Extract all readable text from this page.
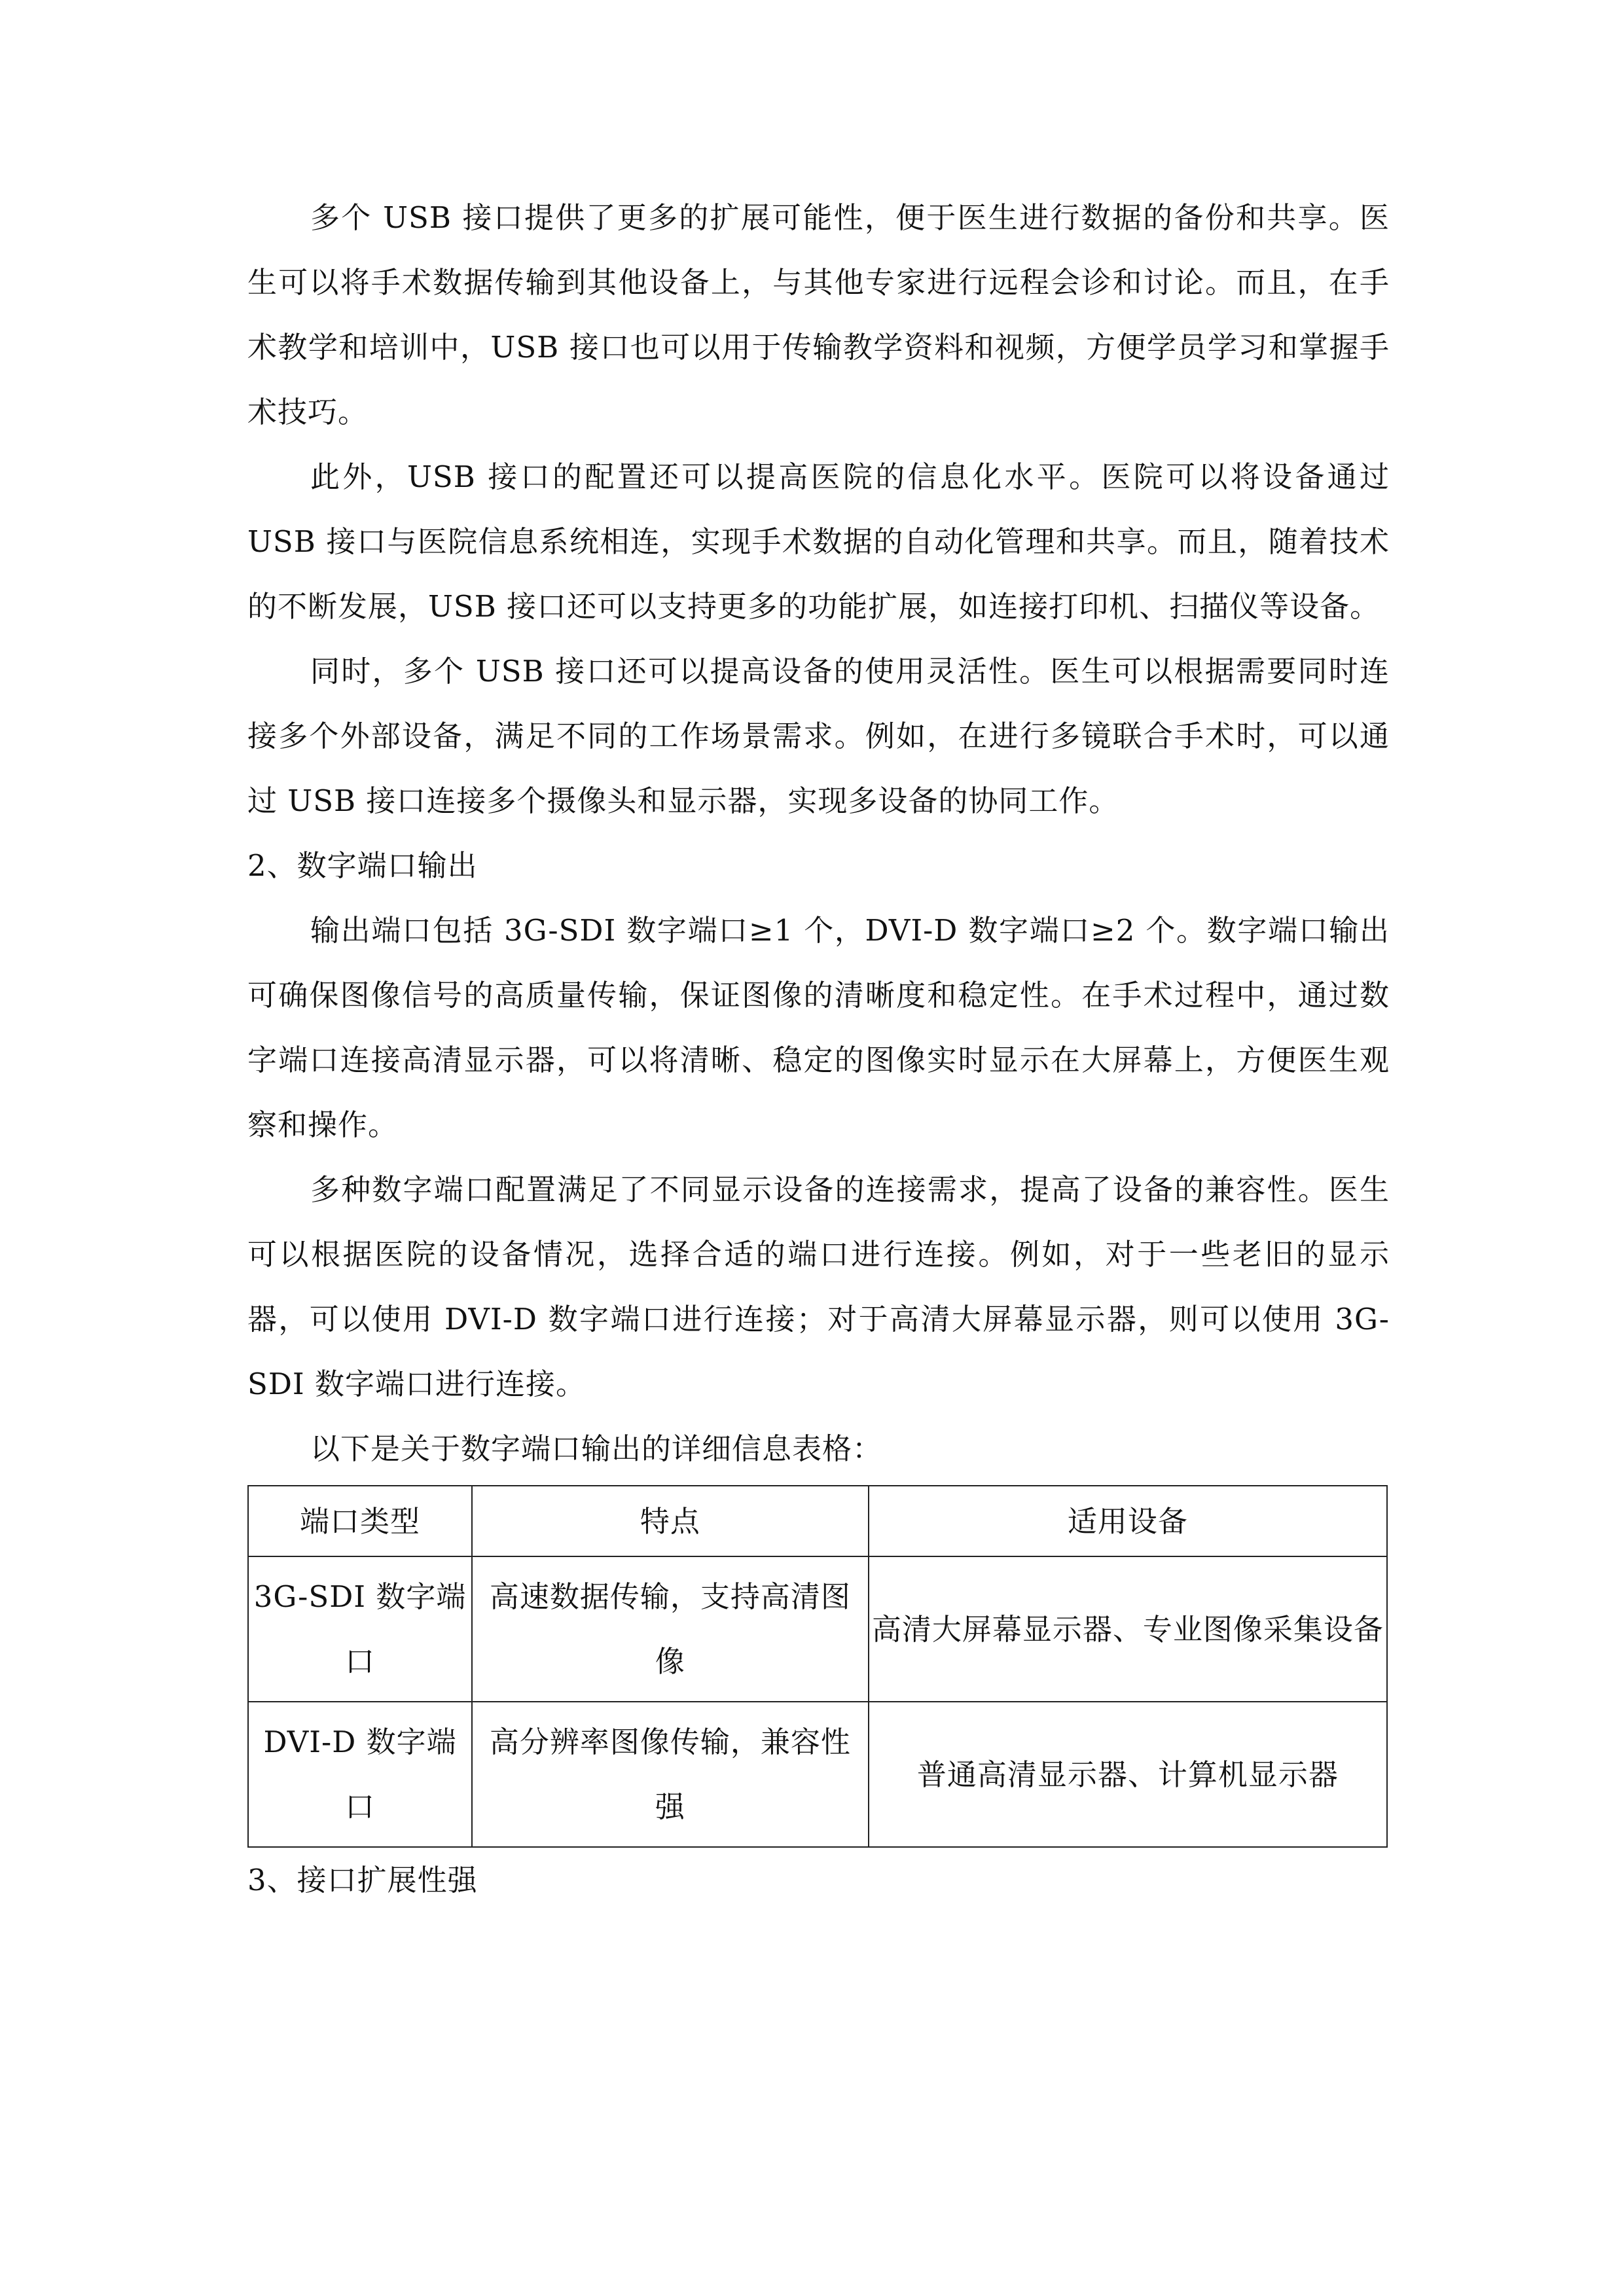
多个 USB 接口提供了更多的扩展可能性，便于医生进行数据的备份和共享。医生可以将手术数据传输到其他设备上，与其他专家进行远程会诊和讨论。而且，在手术教学和培训中，USB 接口也可以用于传输教学资料和视频，方便学员学习和掌握手术技巧。

此外，USB 接口的配置还可以提高医院的信息化水平。医院可以将设备通过 USB 接口与医院信息系统相连，实现手术数据的自动化管理和共享。而且，随着技术的不断发展，USB 接口还可以支持更多的功能扩展，如连接打印机、扫描仪等设备。

同时，多个 USB 接口还可以提高设备的使用灵活性。医生可以根据需要同时连接多个外部设备，满足不同的工作场景需求。例如，在进行多镜联合手术时，可以通过 USB 接口连接多个摄像头和显示器，实现多设备的协同工作。

2、数字端口输出

输出端口包括 3G-SDI 数字端口≥1 个，DVI-D 数字端口≥2 个。数字端口输出可确保图像信号的高质量传输，保证图像的清晰度和稳定性。在手术过程中，通过数字端口连接高清显示器，可以将清晰、稳定的图像实时显示在大屏幕上，方便医生观察和操作。

多种数字端口配置满足了不同显示设备的连接需求，提高了设备的兼容性。医生可以根据医院的设备情况，选择合适的端口进行连接。例如，对于一些老旧的显示器，可以使用 DVI-D 数字端口进行连接；对于高清大屏幕显示器，则可以使用 3G-SDI 数字端口进行连接。

以下是关于数字端口输出的详细信息表格：

端口类型	特点	适用设备
3G-SDI 数字端口	高速数据传输，支持高清图像	高清大屏幕显示器、专业图像采集设备
DVI-D 数字端口	高分辨率图像传输，兼容性强	普通高清显示器、计算机显示器

3、接口扩展性强
